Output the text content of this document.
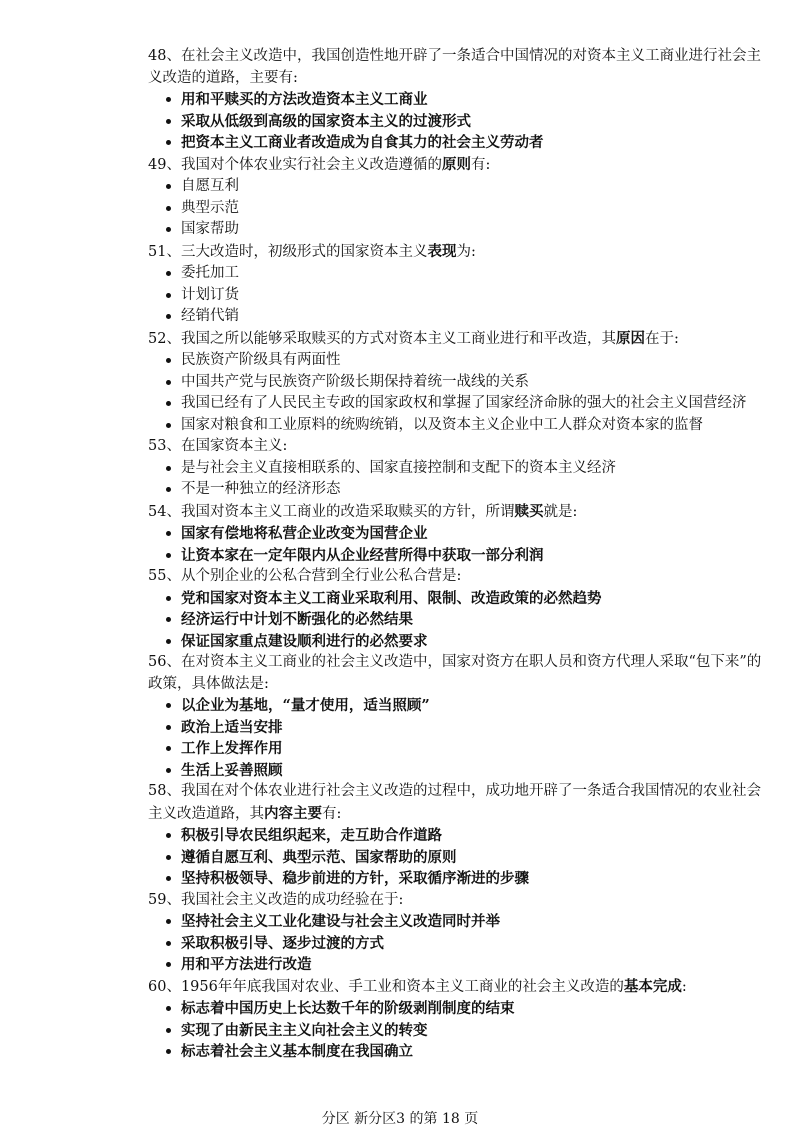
48、在社会主义改造中，我国创造性地开辟了一条适合中国情况的对资本主义工商业进行社会主义改造的道路，主要有:

用和平赎买的方法改造资本主义工商业
采取从低级到高级的国家资本主义的过渡形式
把资本主义工商业者改造成为自食其力的社会主义劳动者

49、我国对个体农业实行社会主义改造遵循的原则有:

自愿互利
典型示范
国家帮助

51、三大改造时，初级形式的国家资本主义表现为:

委托加工
计划订货
经销代销

52、我国之所以能够采取赎买的方式对资本主义工商业进行和平改造，其原因在于:

民族资产阶级具有两面性
中国共产党与民族资产阶级长期保持着统一战线的关系
我国已经有了人民民主专政的国家政权和掌握了国家经济命脉的强大的社会主义国营经济
国家对粮食和工业原料的统购统销，以及资本主义企业中工人群众对资本家的监督

53、在国家资本主义:

是与社会主义直接相联系的、国家直接控制和支配下的资本主义经济
不是一种独立的经济形态

54、我国对资本主义工商业的改造采取赎买的方针，所谓赎买就是:

国家有偿地将私营企业改变为国营企业
让资本家在一定年限内从企业经营所得中获取一部分利润

55、从个别企业的公私合营到全行业公私合营是:

党和国家对资本主义工商业采取利用、限制、改造政策的必然趋势
经济运行中计划不断强化的必然结果
保证国家重点建设顺利进行的必然要求

56、在对资本主义工商业的社会主义改造中，国家对资方在职人员和资方代理人采取“包下来”的政策，具体做法是:

以企业为基地，“量才使用，适当照顾”
政治上适当安排
工作上发挥作用
生活上妥善照顾

58、我国在对个体农业进行社会主义改造的过程中，成功地开辟了一条适合我国情况的农业社会主义改造道路，其内容主要有:

积极引导农民组织起来，走互助合作道路
遵循自愿互利、典型示范、国家帮助的原则
坚持积极领导、稳步前进的方针，采取循序渐进的步骤

59、我国社会主义改造的成功经验在于:

坚持社会主义工业化建设与社会主义改造同时并举
采取积极引导、逐步过渡的方式
用和平方法进行改造

60、1956年年底我国对农业、手工业和资本主义工商业的社会主义改造的基本完成:

标志着中国历史上长达数千年的阶级剥削制度的结束
实现了由新民主主义向社会主义的转变
标志着社会主义基本制度在我国确立
分区 新分区3 的第 18 页
